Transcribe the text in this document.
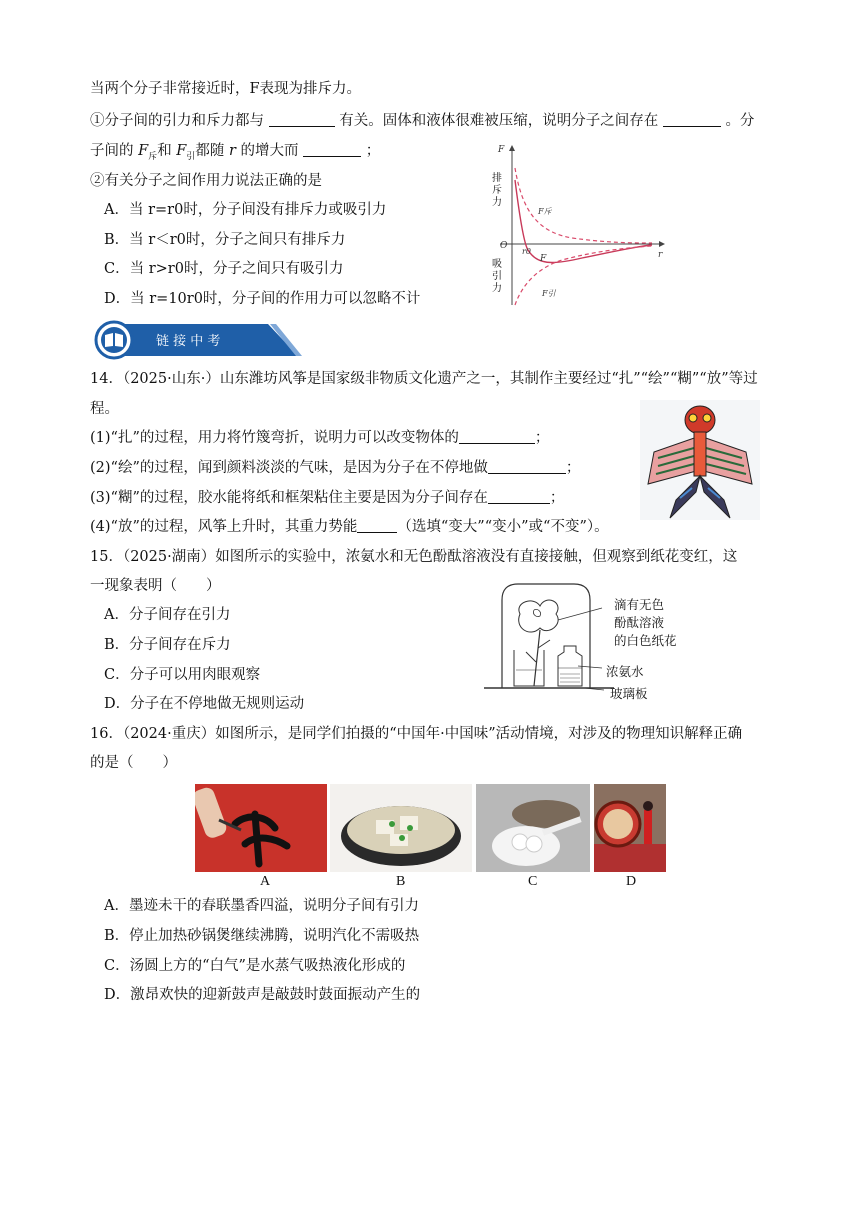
当两个分子非常接近时，F表现为排斥力。
①分子间的引力和斥力都与	有关。固体和液体很难被压缩，说明分子之间存在	。分
子间的 $F_斥$和 $F_引$都随 r 的增大而	；
②有关分子之间作用力说法正确的是
A．当 r=r0时，分子间没有排斥力或吸引力
B．当 r＜r0时，分子之间只有排斥力
C．当 r>r0时，分子之间只有吸引力
D．当 r=10r0时，分子间的作用力可以忽略不计
F
r
O
r0
F
F斥
F引
排斥力
吸引力
链 接 中 考
14．（2025·山东·）山东潍坊风筝是国家级非物质文化遗产之一，其制作主要经过“扎”“绘”“糊”“放”等过
程。
(1)“扎”的过程，用力将竹篾弯折，说明力可以改变物体的	；
(2)“绘”的过程，闻到颜料淡淡的气味，是因为分子在不停地做	；
(3)“糊”的过程，胶水能将纸和框架粘住主要是因为分子间存在	；
(4)“放”的过程，风筝上升时，其重力势能	（选填“变大”“变小”或“不变”）。
15．（2025·湖南）如图所示的实验中，浓氨水和无色酚酞溶液没有直接接触，但观察到纸花变红，这
一现象表明（　　）
A．分子间存在引力
B．分子间存在斥力
C．分子可以用肉眼观察
D．分子在不停地做无规则运动
滴有无色
酚酞溶液
的白色纸花
浓氨水
玻璃板
16．（2024·重庆）如图所示，是同学们拍摄的“中国年·中国味”活动情境，对涉及的物理知识解释正确
的是（　　）
A	B	C	D
A．墨迹未干的春联墨香四溢，说明分子间有引力
B．停止加热砂锅煲继续沸腾，说明汽化不需吸热
C．汤圆上方的“白气”是水蒸气吸热液化形成的
D．激昂欢快的迎新鼓声是敲鼓时鼓面振动产生的
